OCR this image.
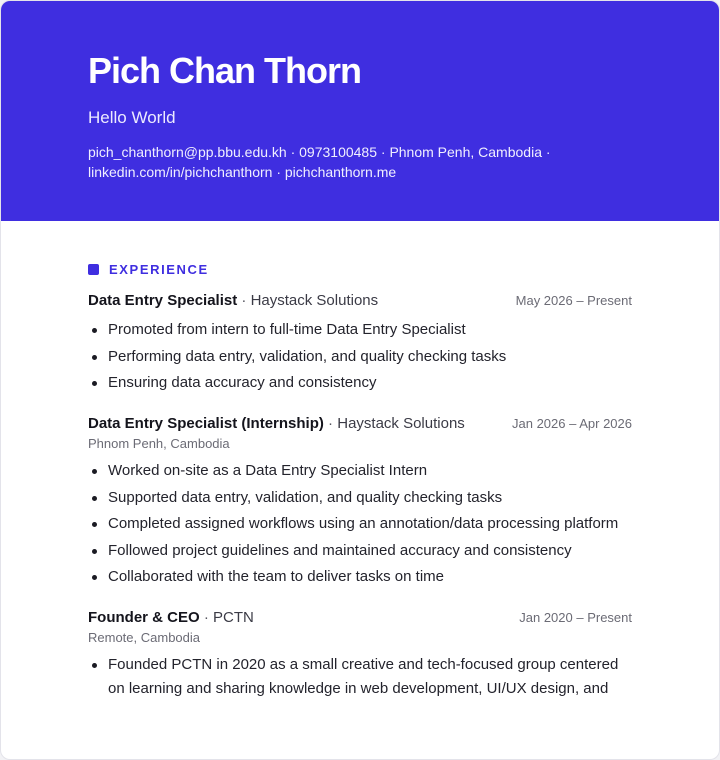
Pich Chan Thorn
Hello World
pich_chanthorn@pp.bbu.edu.kh · 0973100485 · Phnom Penh, Cambodia ·
linkedin.com/in/pichchanthorn · pichchanthorn.me
EXPERIENCE
Data Entry Specialist · Haystack Solutions	May 2026 – Present
Promoted from intern to full-time Data Entry Specialist
Performing data entry, validation, and quality checking tasks
Ensuring data accuracy and consistency
Data Entry Specialist (Internship) · Haystack Solutions	Jan 2026 – Apr 2026
Phnom Penh, Cambodia
Worked on-site as a Data Entry Specialist Intern
Supported data entry, validation, and quality checking tasks
Completed assigned workflows using an annotation/data processing platform
Followed project guidelines and maintained accuracy and consistency
Collaborated with the team to deliver tasks on time
Founder & CEO · PCTN	Jan 2020 – Present
Remote, Cambodia
Founded PCTN in 2020 as a small creative and tech-focused group centered on learning and sharing knowledge in web development, UI/UX design, and
